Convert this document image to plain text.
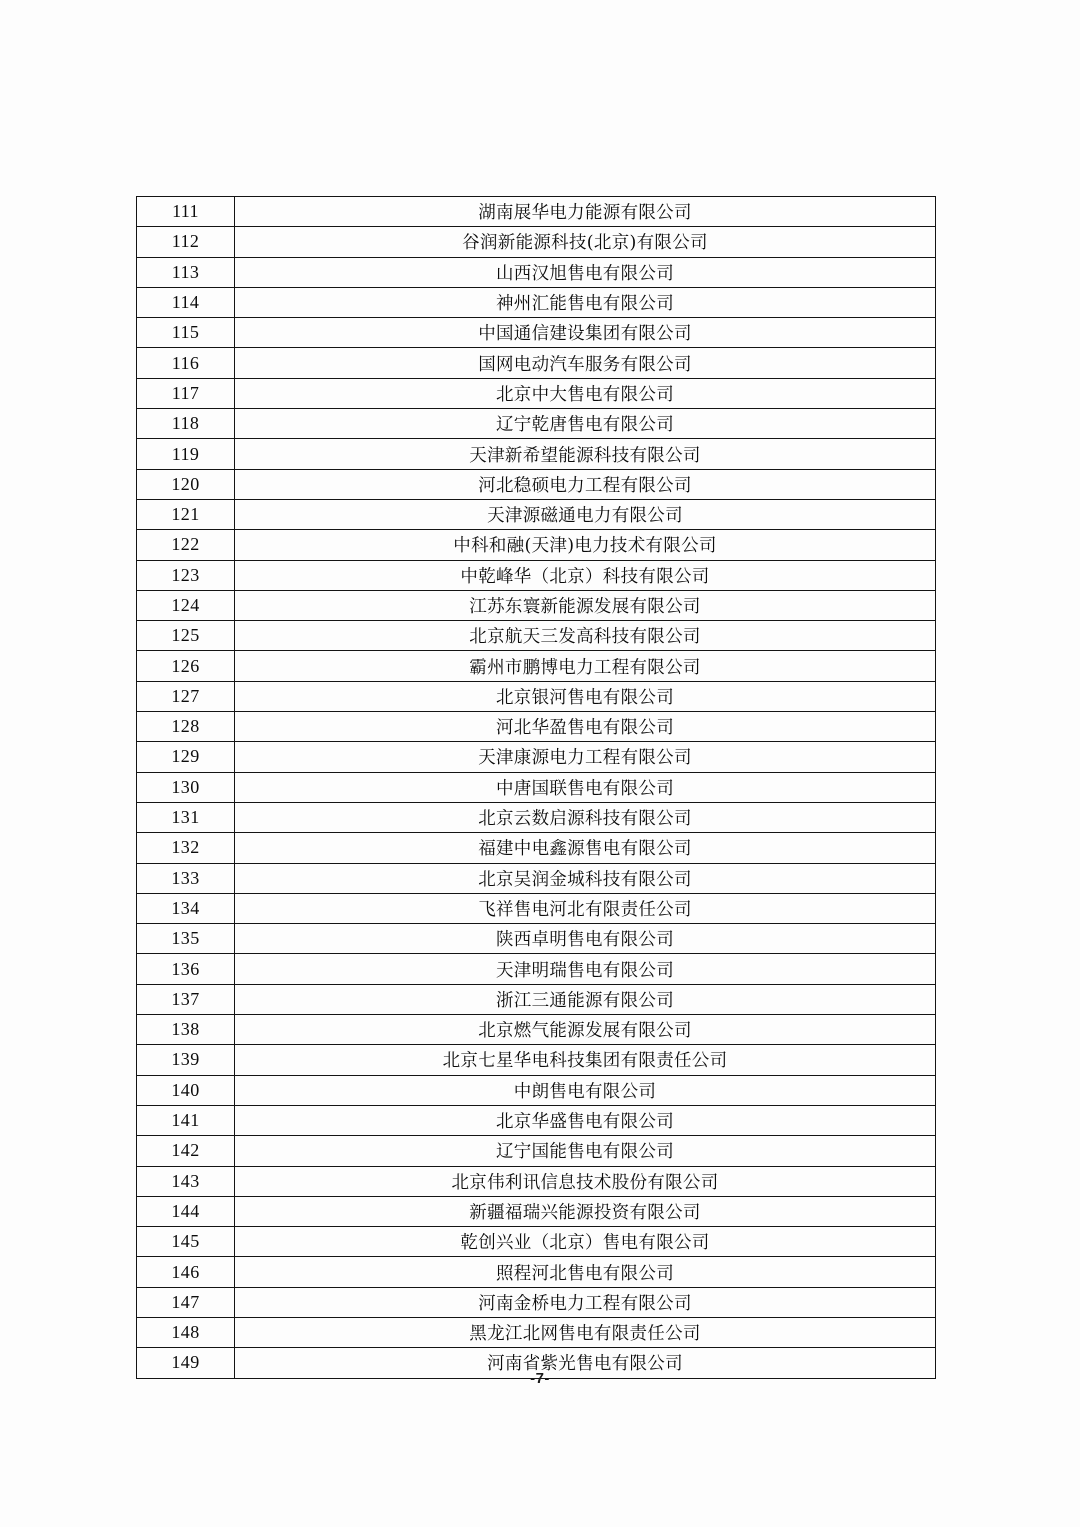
111	湖南展华电力能源有限公司
112	谷润新能源科技(北京)有限公司
113	山西汉旭售电有限公司
114	神州汇能售电有限公司
115	中国通信建设集团有限公司
116	国网电动汽车服务有限公司
117	北京中大售电有限公司
118	辽宁乾唐售电有限公司
119	天津新希望能源科技有限公司
120	河北稳硕电力工程有限公司
121	天津源磁通电力有限公司
122	中科和融(天津)电力技术有限公司
123	中乾峰华（北京）科技有限公司
124	江苏东寰新能源发展有限公司
125	北京航天三发高科技有限公司
126	霸州市鹏博电力工程有限公司
127	北京银河售电有限公司
128	河北华盈售电有限公司
129	天津康源电力工程有限公司
130	中唐国联售电有限公司
131	北京云数启源科技有限公司
132	福建中电鑫源售电有限公司
133	北京吴润金城科技有限公司
134	飞祥售电河北有限责任公司
135	陕西卓明售电有限公司
136	天津明瑞售电有限公司
137	浙江三通能源有限公司
138	北京燃气能源发展有限公司
139	北京七星华电科技集团有限责任公司
140	中朗售电有限公司
141	北京华盛售电有限公司
142	辽宁国能售电有限公司
143	北京伟利讯信息技术股份有限公司
144	新疆福瑞兴能源投资有限公司
145	乾创兴业（北京）售电有限公司
146	照程河北售电有限公司
147	河南金桥电力工程有限公司
148	黑龙江北网售电有限责任公司
149	河南省紫光售电有限公司
-7-
